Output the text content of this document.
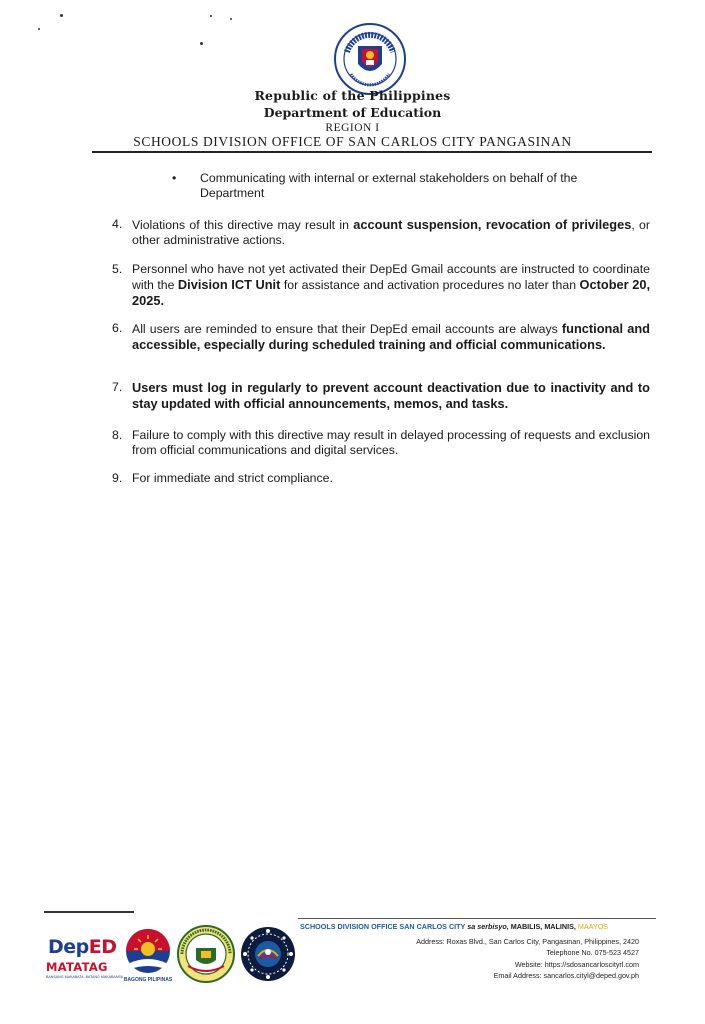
Republic of the Philippines
Department of Education
REGION I
SCHOOLS DIVISION OFFICE OF SAN CARLOS CITY PANGASINAN
• Communicating with internal or external stakeholders on behalf of the Department
4. Violations of this directive may result in account suspension, revocation of privileges, or other administrative actions.
5. Personnel who have not yet activated their DepEd Gmail accounts are instructed to coordinate with the Division ICT Unit for assistance and activation procedures no later than October 20, 2025.
6. All users are reminded to ensure that their DepEd email accounts are always functional and accessible, especially during scheduled training and official communications.
7. Users must log in regularly to prevent account deactivation due to inactivity and to stay updated with official announcements, memos, and tasks.
8. Failure to comply with this directive may result in delayed processing of requests and exclusion from official communications and digital services.
9. For immediate and strict compliance.
SCHOOLS DIVISION OFFICE SAN CARLOS CITY sa serbisyo, MABILIS, MALINIS, MAAYOS
Address: Roxas Blvd., San Carlos City, Pangasinan, Philippines, 2420
Telephone No. 075-523 4527
Website: https://sdosancarloscityrl.com
Email Address: sancarlos.cityl@deped.gov.ph
DepED
MATATAG
BANSANG MAKABATA, BATANG MAKABANSA BAGONG PILIPINAS
